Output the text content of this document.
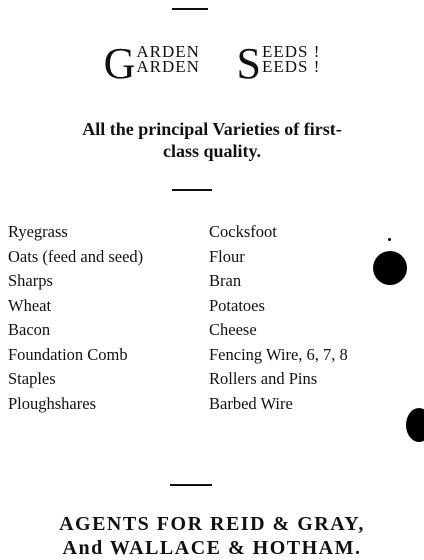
GARDEN
ARDEN SEEDS !
EEDS !
All the principal Varieties of first-
class quality.
Ryegrass	Cocksfoot
Oats (feed and seed)	Flour
Sharps	Bran
Wheat	Potatoes
Bacon	Cheese
Foundation Comb	Fencing Wire, 6, 7, 8
Staples	Rollers and Pins
Ploughshares	Barbed Wire
AGENTS FOR REID & GRAY,
And WALLACE & HOTHAM.
